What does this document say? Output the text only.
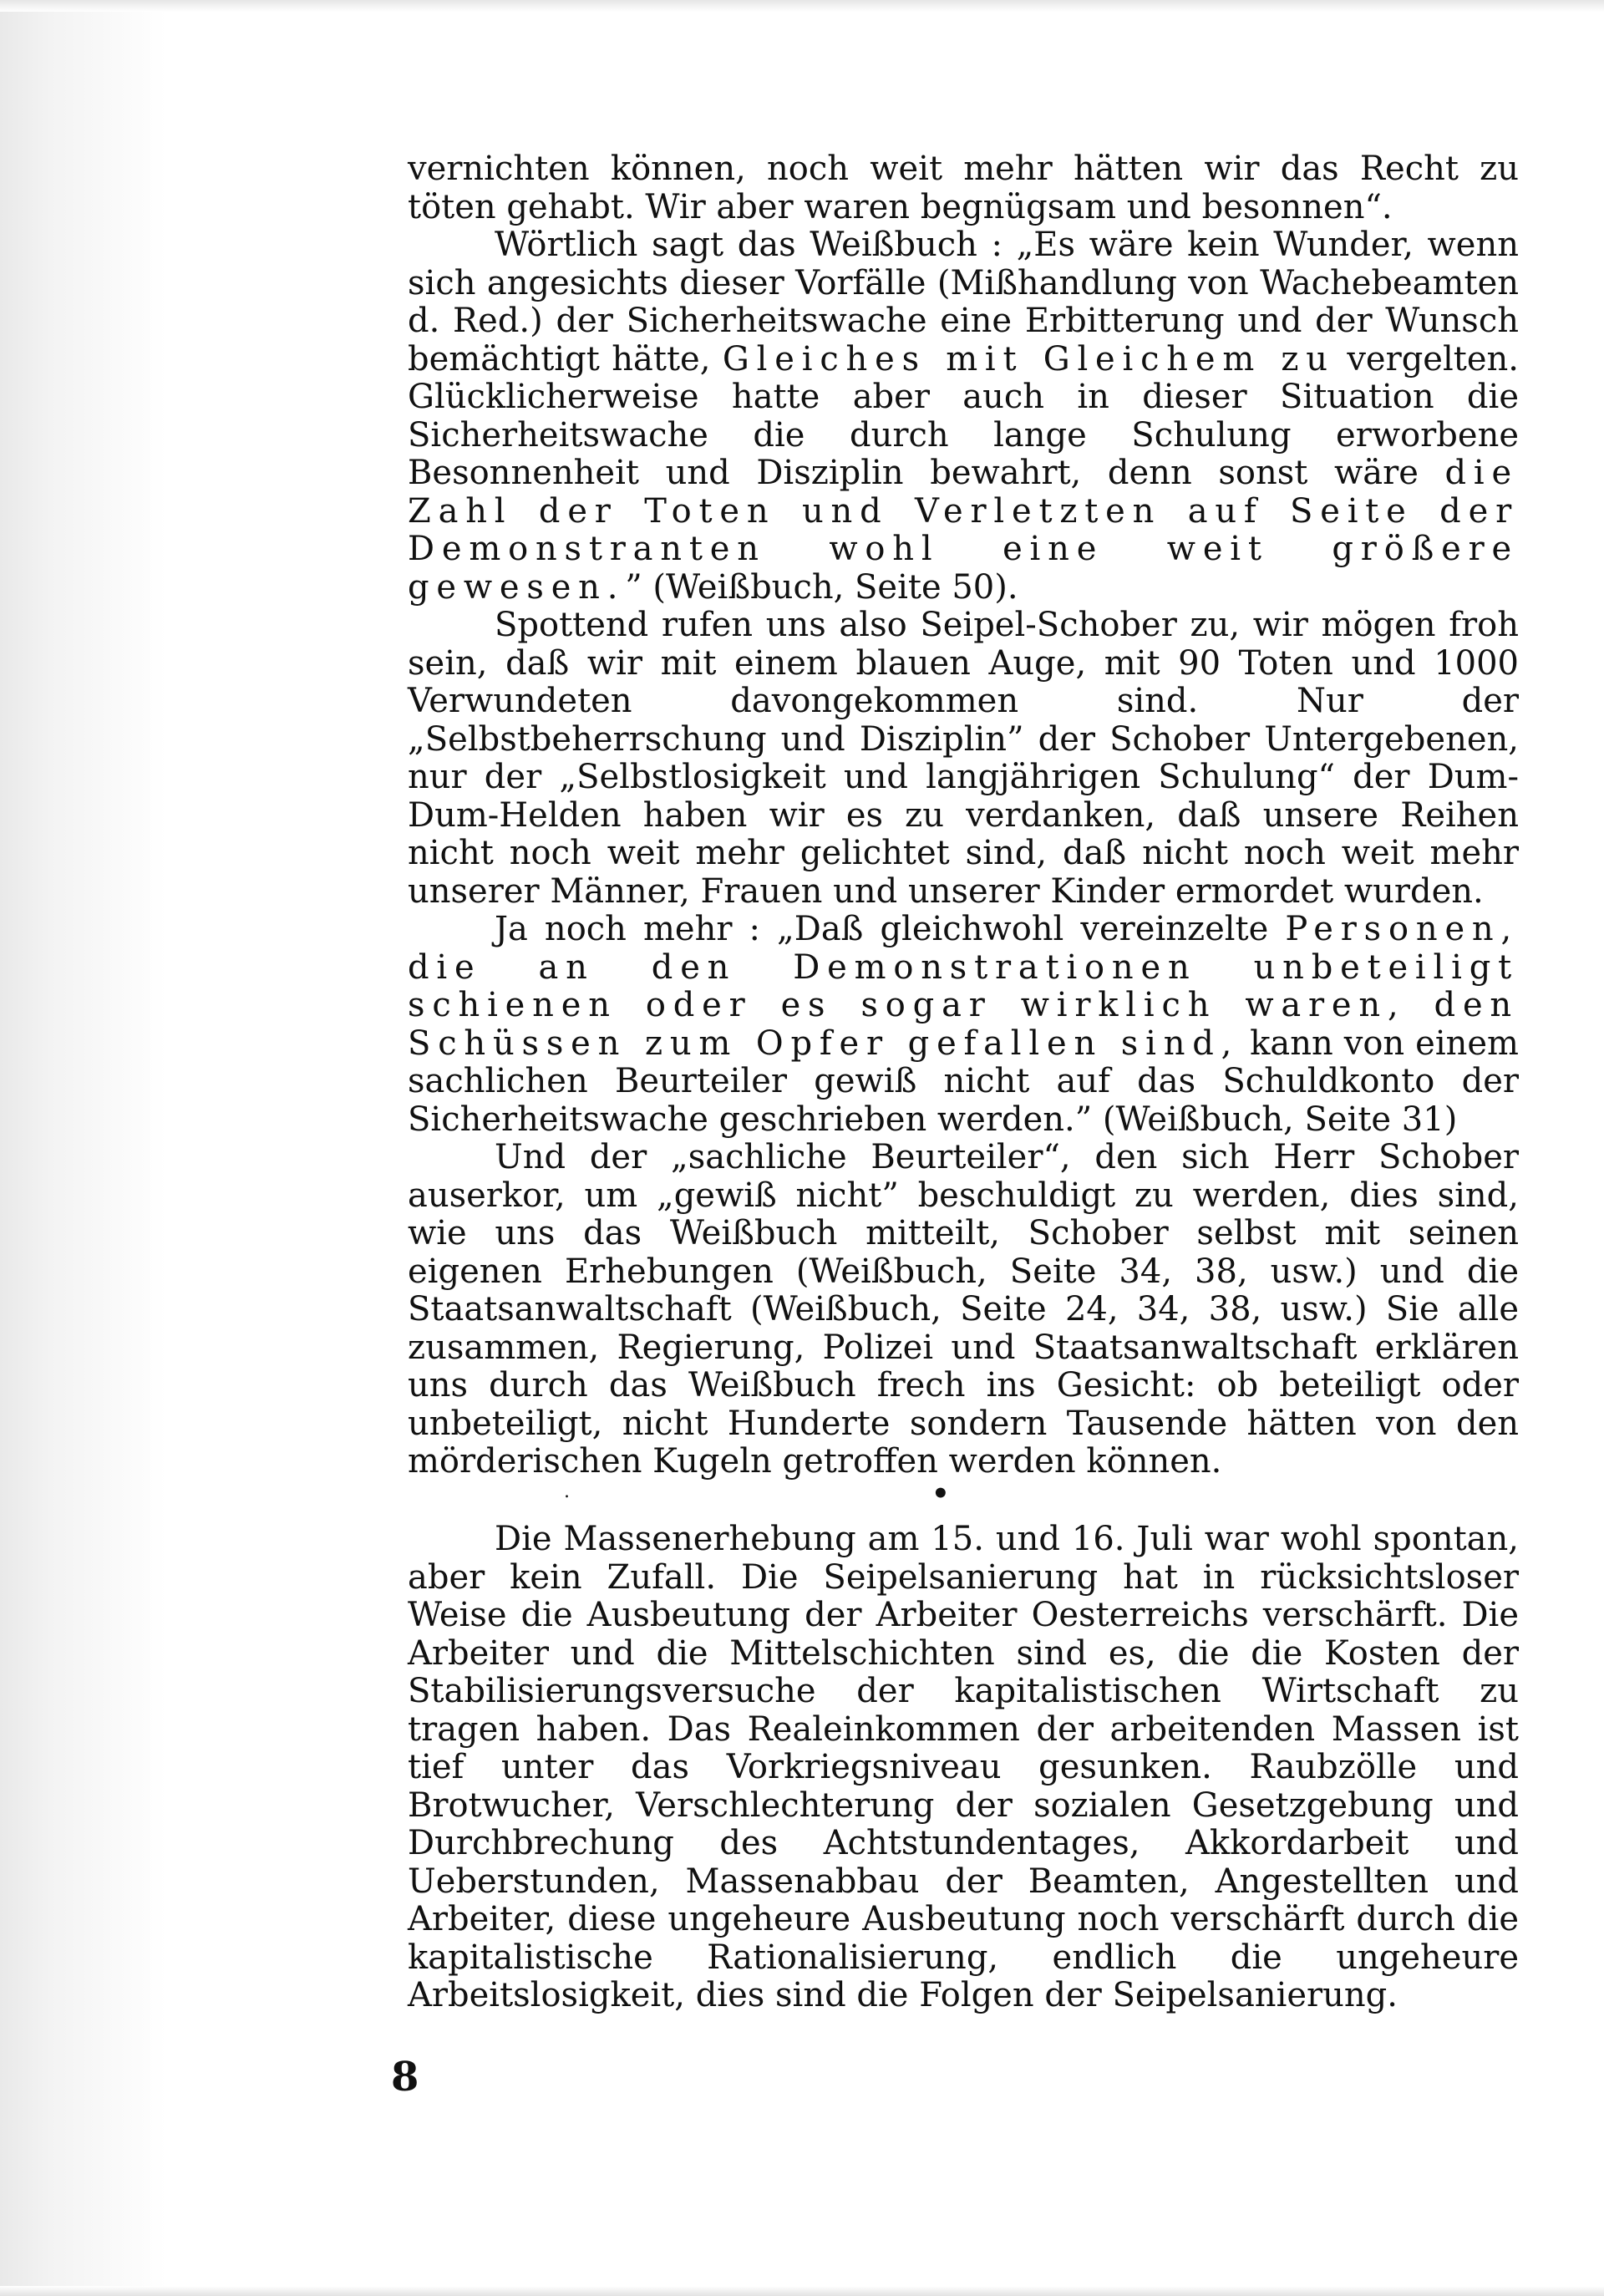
vernichten können, noch weit mehr hätten wir das Recht zu töten gehabt. Wir aber waren begnügsam und besonnen“.

Wörtlich sagt das Weißbuch : „Es wäre kein Wunder, wenn sich angesichts dieser Vorfälle (Mißhandlung von Wachebeamten d. Red.) der Sicherheitswache eine Erbitterung und der Wunsch bemächtigt hätte, Gleiches mit Gleichem zu vergelten. Glücklicherweise hatte aber auch in dieser Situation die Sicherheitswache die durch lange Schulung erworbene Besonnenheit und Disziplin bewahrt, denn sonst wäre die Zahl der Toten und Verletzten auf Seite der Demonstranten wohl eine weit größere gewesen.” (Weißbuch, Seite 50).

Spottend rufen uns also Seipel-Schober zu, wir mögen froh sein, daß wir mit einem blauen Auge, mit 90 Toten und 1000 Verwundeten davongekommen sind. Nur der „Selbstbeherrschung und Disziplin” der Schober Untergebenen, nur der „Selbstlosigkeit und langjährigen Schulung“ der Dum-Dum-Helden haben wir es zu verdanken, daß unsere Reihen nicht noch weit mehr gelichtet sind, daß nicht noch weit mehr unserer Männer, Frauen und unserer Kinder ermordet wurden.

Ja noch mehr : „Daß gleichwohl vereinzelte Personen, die an den Demonstrationen unbeteiligt schienen oder es sogar wirklich waren, den Schüssen zum Opfer gefallen sind, kann von einem sachlichen Beurteiler gewiß nicht auf das Schuldkonto der Sicherheitswache geschrieben werden.” (Weißbuch, Seite 31)

Und der „sachliche Beurteiler“, den sich Herr Schober auserkor, um „gewiß nicht” beschuldigt zu werden, dies sind, wie uns das Weißbuch mitteilt, Schober selbst mit seinen eigenen Erhebungen (Weißbuch, Seite 34, 38, usw.) und die Staatsanwaltschaft (Weißbuch, Seite 24, 34, 38, usw.) Sie alle zusammen, Regierung, Polizei und Staatsanwaltschaft erklären uns durch das Weißbuch frech ins Gesicht: ob beteiligt oder unbeteiligt, nicht Hunderte sondern Tausende hätten von den mörderischen Kugeln getroffen werden können.

.	•

Die Massenerhebung am 15. und 16. Juli war wohl spontan, aber kein Zufall. Die Seipelsanierung hat in rücksichtsloser Weise die Ausbeutung der Arbeiter Oesterreichs verschärft. Die Arbeiter und die Mittelschichten sind es, die die Kosten der Stabilisierungsversuche der kapitalistischen Wirtschaft zu tragen haben. Das Realeinkommen der arbeitenden Massen ist tief unter das Vorkriegsniveau gesunken. Raubzölle und Brotwucher, Verschlechterung der sozialen Gesetzgebung und Durchbrechung des Achtstundentages, Akkordarbeit und Ueberstunden, Massenabbau der Beamten, Angestellten und Arbeiter, diese ungeheure Ausbeutung noch verschärft durch die kapitalistische Rationalisierung, endlich die ungeheure Arbeitslosigkeit, dies sind die Folgen der Seipelsanierung.

8
